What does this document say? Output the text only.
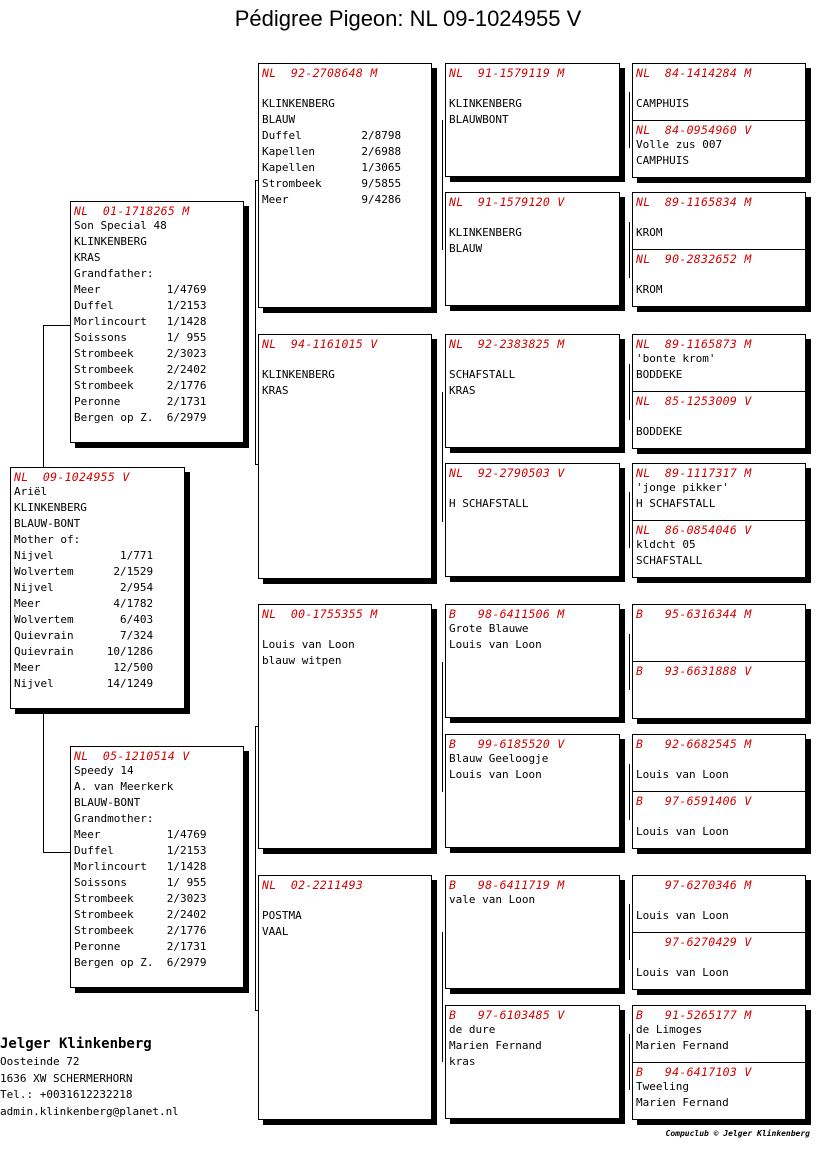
Pédigree Pigeon: NL 09-1024955 V
NL  09-1024955 V
Ariël
KLINKENBERG
BLAUW-BONT
Mother of:
Nijvel          1/771
Wolvertem      2/1529
Nijvel          2/954
Meer           4/1782
Wolvertem       6/403
Quievrain       7/324
Quievrain     10/1286
Meer           12/500
Nijvel        14/1249
NL  01-1718265 M
Son Special 48
KLINKENBERG
KRAS
Grandfather:
Meer          1/4769
Duffel        1/2153
Morlincourt   1/1428
Soissons      1/ 955
Strombeek     2/3023
Strombeek     2/2402
Strombeek     2/1776
Peronne       2/1731
Bergen op Z.  6/2979
NL  05-1210514 V
Speedy 14
A. van Meerkerk
BLAUW-BONT
Grandmother:
Meer          1/4769
Duffel        1/2153
Morlincourt   1/1428
Soissons      1/ 955
Strombeek     2/3023
Strombeek     2/2402
Strombeek     2/1776
Peronne       2/1731
Bergen op Z.  6/2979
NL  92-2708648 M
KLINKENBERG
BLAUW
Duffel         2/8798
Kapellen       2/6988
Kapellen       1/3065
Strombeek      9/5855
Meer           9/4286
NL  94-1161015 V
KLINKENBERG
KRAS
NL  00-1755355 M
Louis van Loon
blauw witpen
NL  02-2211493
POSTMA
VAAL
NL  91-1579119 M
KLINKENBERG
BLAUWBONT
NL  91-1579120 V
KLINKENBERG
BLAUW
NL  92-2383825 M
SCHAFSTALL
KRAS
NL  92-2790503 V
H SCHAFSTALL
B   98-6411506 M
Grote Blauwe
Louis van Loon
B   99-6185520 V
Blauw Geeloogje
Louis van Loon
B   98-6411719 M
vale van Loon
B   97-6103485 V
de dure
Marien Fernand
kras
NL  84-1414284 M
CAMPHUIS
NL  84-0954960 V
Volle zus 007
CAMPHUIS
NL  89-1165834 M
KROM
NL  90-2832652 M
KROM
NL  89-1165873 M
'bonte krom'
BODDEKE
NL  85-1253009 V
BODDEKE
NL  89-1117317 M
'jonge pikker'
H SCHAFSTALL
NL  86-0854046 V
kldcht 05
SCHAFSTALL
B   95-6316344 M
B   93-6631888 V
B   92-6682545 M
Louis van Loon
B   97-6591406 V
Louis van Loon
97-6270346 M
Louis van Loon
97-6270429 V
Louis van Loon
B   91-5265177 M
de Limoges
Marien Fernand
B   94-6417103 V
Tweeling
Marien Fernand
Jelger Klinkenberg
Oosteinde 72
1636 XW SCHERMERHORN
Tel.: +0031612232218
admin.klinkenberg@planet.nl
Compuclub © Jelger Klinkenberg
